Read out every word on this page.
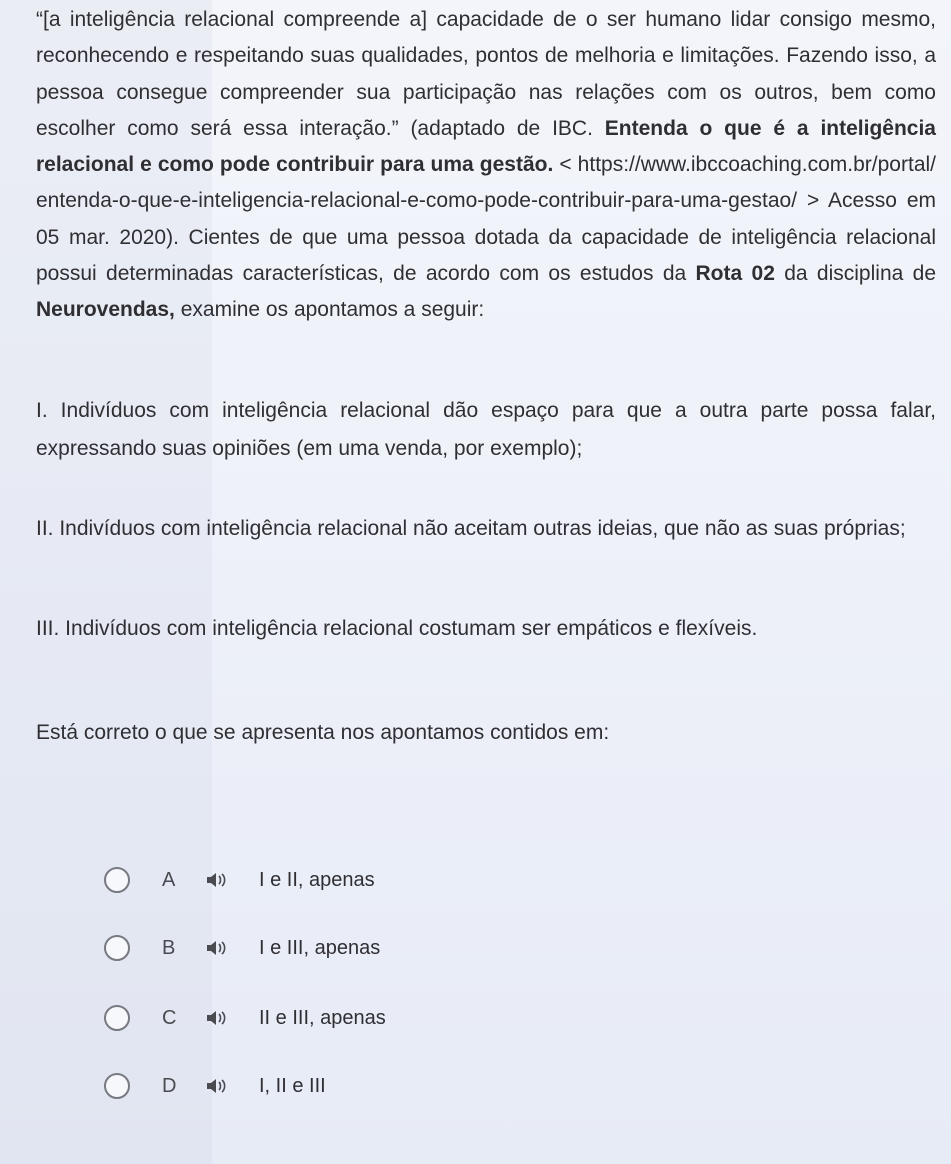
“[a inteligência relacional compreende a] capacidade de o ser humano lidar consigo mesmo, reconhecendo e respeitando suas qualidades, pontos de melhoria e limitações. Fazendo isso, a pessoa consegue compreender sua participação nas relações com os outros, bem como escolher como será essa interação.” (adaptado de IBC. Entenda o que é a inteligência relacional e como pode contribuir para uma gestão. < https://www.ibccoaching.com.br/portal/entenda-o-que-e-inteligencia-relacional-e-como-pode-contribuir-para-uma-gestao/ > Acesso em 05 mar. 2020). Cientes de que uma pessoa dotada da capacidade de inteligência relacional possui determinadas características, de acordo com os estudos da Rota 02 da disciplina de Neurovendas, examine os apontamos a seguir:

I. Indivíduos com inteligência relacional dão espaço para que a outra parte possa falar, expressando suas opiniões (em uma venda, por exemplo);

II. Indivíduos com inteligência relacional não aceitam outras ideias, que não as suas próprias;

III. Indivíduos com inteligência relacional costumam ser empáticos e flexíveis.

Está correto o que se apresenta nos apontamos contidos em:

A	I e II, apenas
B	I e III, apenas
C	II e III, apenas
D	I, II e III
